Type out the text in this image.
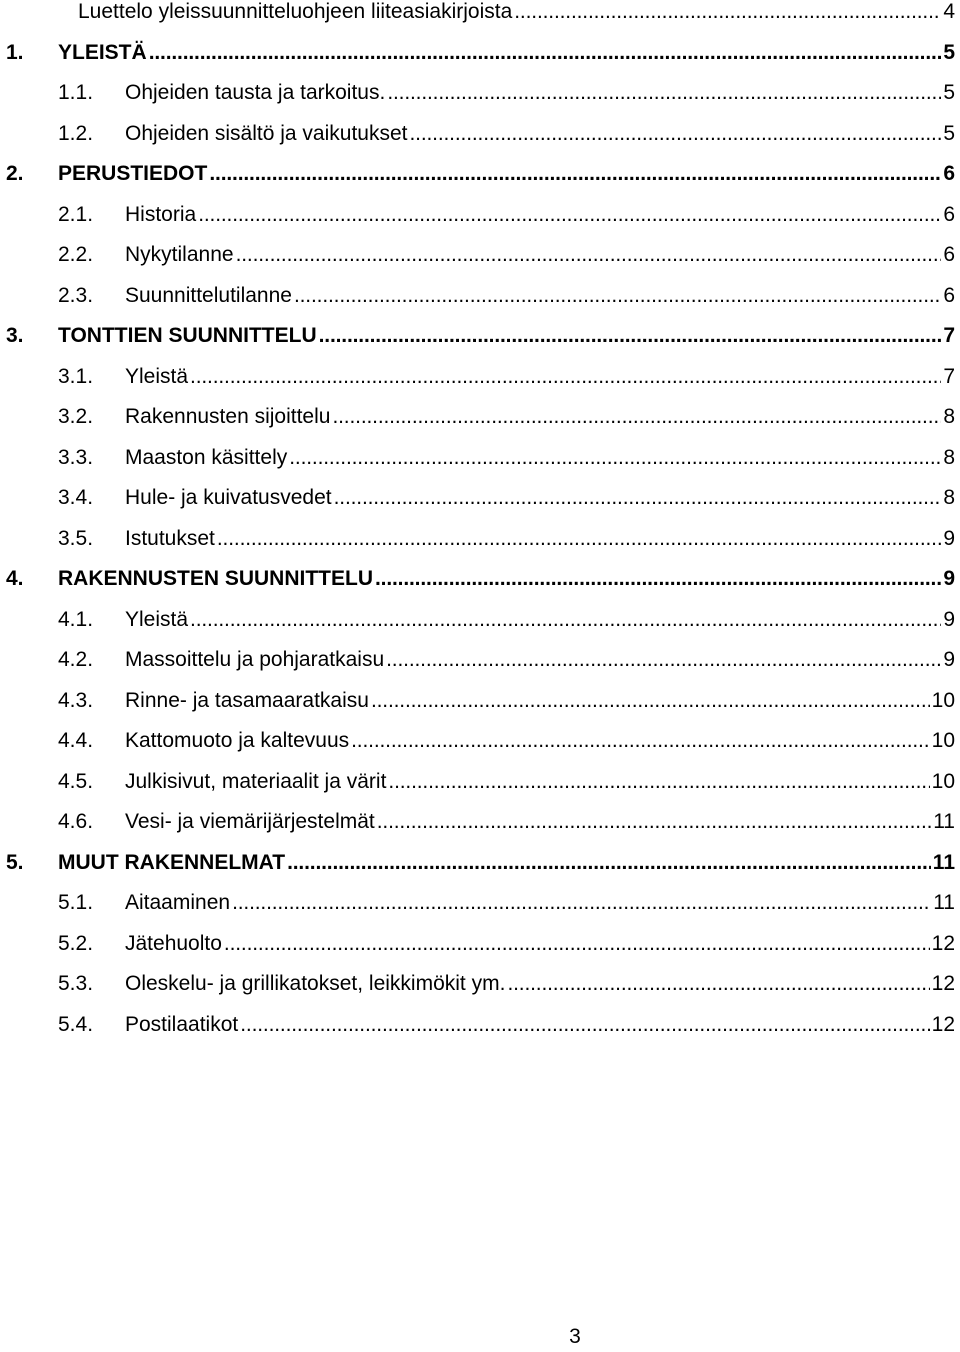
Luettelo yleissuunnitteluohjeen liiteasiakirjoista . . .	4
1.	YLEISTÄ . . .	5
1.1.	Ohjeiden tausta ja tarkoitus. . . .	5
1.2.	Ohjeiden sisältö ja vaikutukset . . .	5
2.	PERUSTIEDOT . . .	6
2.1.	Historia . . .	6
2.2.	Nykytilanne . . .	6
2.3.	Suunnittelutilanne . . .	6
3.	TONTTIEN SUUNNITTELU . . .	7
3.1.	Yleistä . . .	7
3.2.	Rakennusten sijoittelu . . .	8
3.3.	Maaston käsittely . . .	8
3.4.	Hule- ja kuivatusvedet . . .	8
3.5.	Istutukset . . .	9
4.	RAKENNUSTEN SUUNNITTELU . . .	9
4.1.	Yleistä . . .	9
4.2.	Massoittelu ja pohjaratkaisu . . .	9
4.3.	Rinne- ja tasamaaratkaisu . . .	10
4.4.	Kattomuoto ja kaltevuus . . .	10
4.5.	Julkisivut, materiaalit ja värit . . .	10
4.6.	Vesi- ja viemärijärjestelmät . . .	11
5.	MUUT RAKENNELMAT . . .	11
5.1.	Aitaaminen . . .	11
5.2.	Jätehuolto . . .	12
5.3.	Oleskelu- ja grillikatokset, leikkimökit ym. . . .	12
5.4.	Postilaatikot . . .	12
3
